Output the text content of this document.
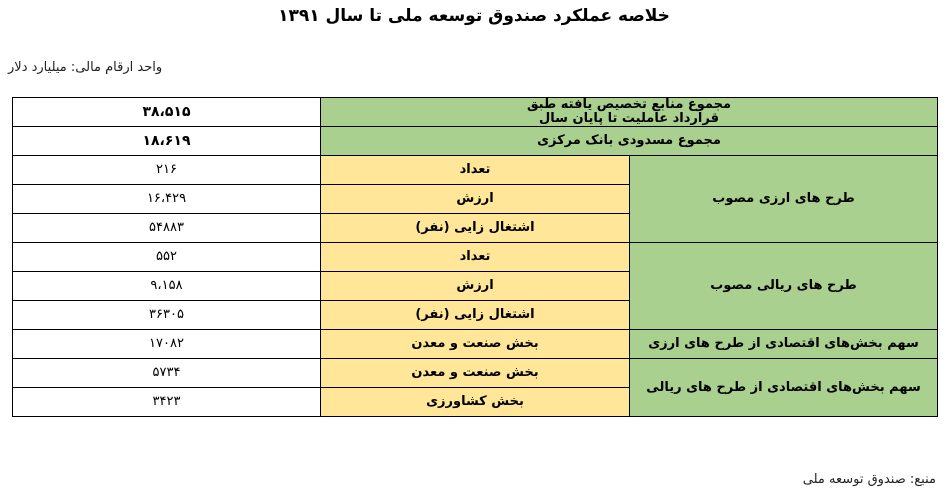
خلاصه عملکرد صندوق توسعه ملی تا سال ۱۳۹۱
واحد ارقام مالی: میلیارد دلار
مجموع منابع تخصیص یافته طبق
قرارداد عاملیت تا پایان سال		۳۸،۵۱۵
مجموع مسدودی بانک مرکزی		۱۸،۶۱۹
طرح های ارزی مصوب	تعداد	۲۱۶
	ارزش	۱۶،۴۲۹
	اشتغال زایی (نفر)	۵۴۸۸۳
طرح های ریالی مصوب	تعداد	۵۵۲
	ارزش	۹،۱۵۸
	اشتغال زایی (نفر)	۳۶۳۰۵
سهم بخش‌های اقتصادی از طرح های ارزی	بخش صنعت و معدن	۱۷۰۸۲
سهم بخش‌های اقتصادی از طرح های ریالی	بخش صنعت و معدن	۵۷۳۴
	بخش کشاورزی	۳۴۲۳
منبع: صندوق توسعه ملی
